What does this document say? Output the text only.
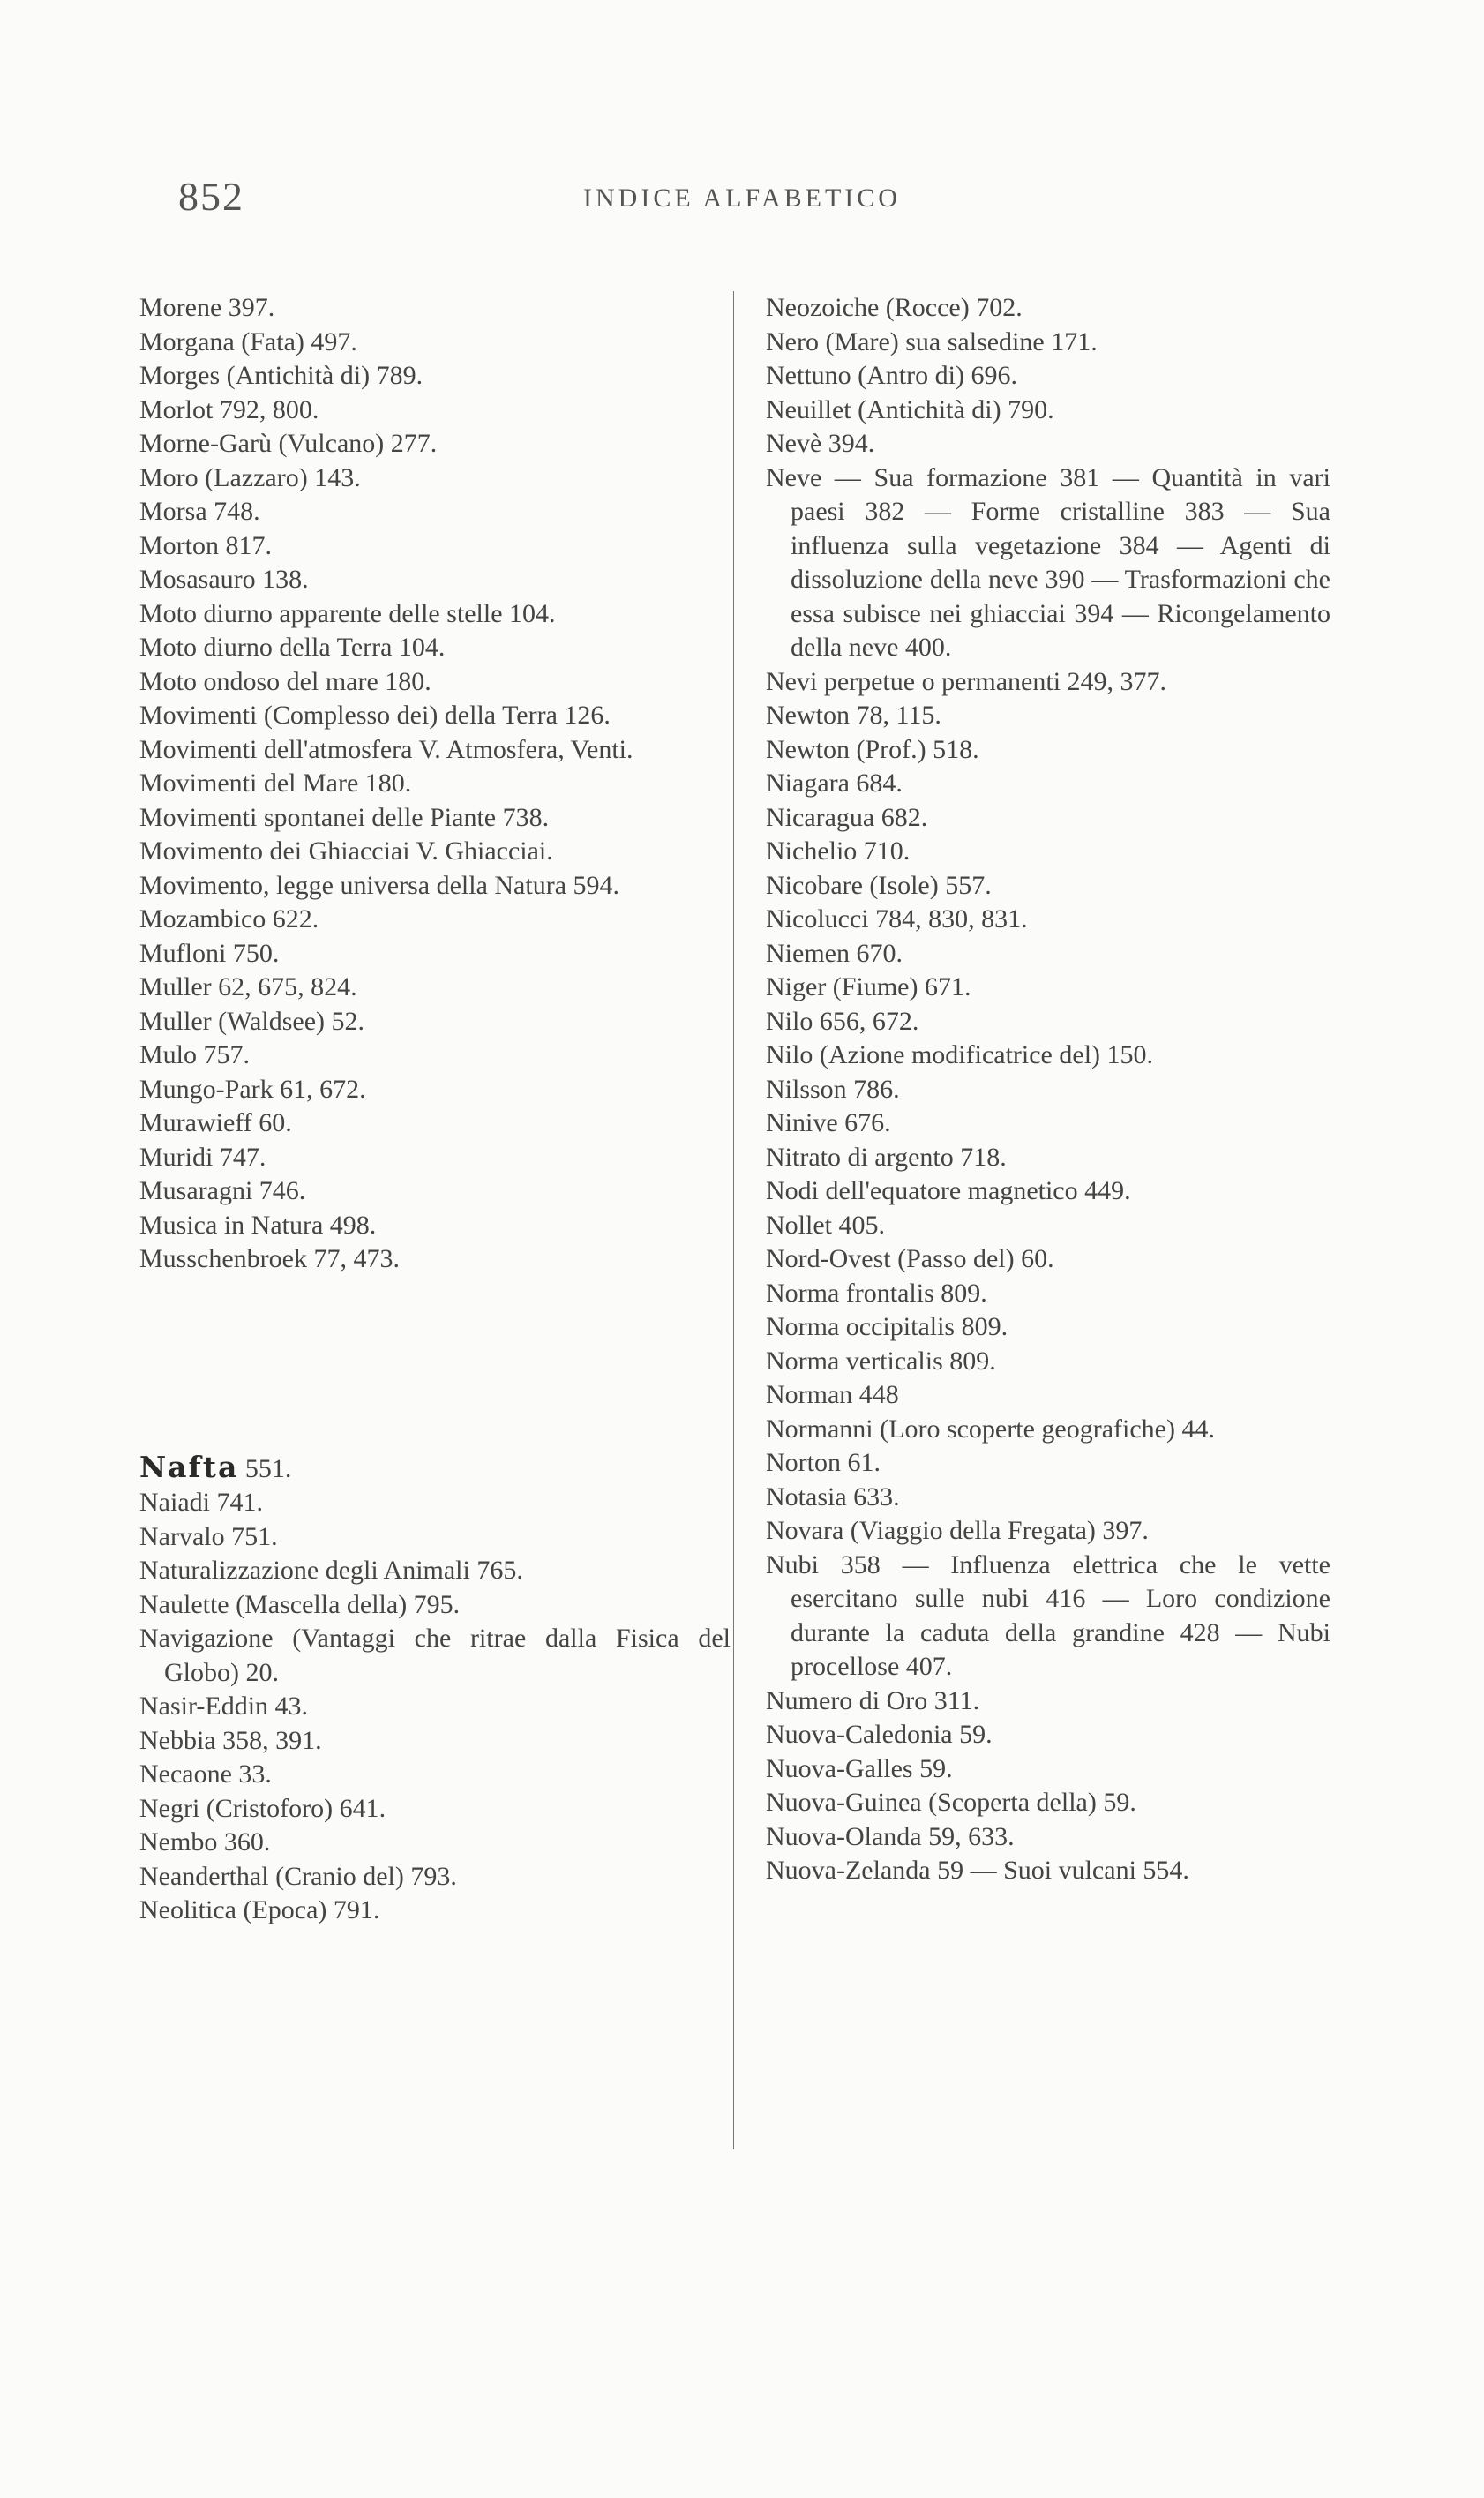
852	INDICE ALFABETICO
Morene 397.
Morgana (Fata) 497.
Morges (Antichità di) 789.
Morlot 792, 800.
Morne-Garù (Vulcano) 277.
Moro (Lazzaro) 143.
Morsa 748.
Morton 817.
Mosasauro 138.
Moto diurno apparente delle stelle 104.
Moto diurno della Terra 104.
Moto ondoso del mare 180.
Movimenti (Complesso dei) della Terra 126.
Movimenti dell'atmosfera V. Atmosfera, Venti.
Movimenti del Mare 180.
Movimenti spontanei delle Piante 738.
Movimento dei Ghiacciai V. Ghiacciai.
Movimento, legge universa della Natura 594.
Mozambico 622.
Mufloni 750.
Muller 62, 675, 824.
Muller (Waldsee) 52.
Mulo 757.
Mungo-Park 61, 672.
Murawieff 60.
Muridi 747.
Musaragni 746.
Musica in Natura 498.
Musschenbroek 77, 473.
Nafta 551.
Naiadi 741.
Narvalo 751.
Naturalizzazione degli Animali 765.
Naulette (Mascella della) 795.
Navigazione (Vantaggi che ritrae dalla Fisica del Globo) 20.
Nasir-Eddin 43.
Nebbia 358, 391.
Necaone 33.
Negri (Cristoforo) 641.
Nembo 360.
Neanderthal (Cranio del) 793.
Neolitica (Epoca) 791.
Neozoiche (Rocce) 702.
Nero (Mare) sua salsedine 171.
Nettuno (Antro di) 696.
Neuillet (Antichità di) 790.
Nevè 394.
Neve — Sua formazione 381 — Quantità in vari paesi 382 — Forme cristalline 383 — Sua influenza sulla vegetazione 384 — Agenti di dissoluzione della neve 390 — Trasformazioni che essa subisce nei ghiacciai 394 — Ricongelamento della neve 400.
Nevi perpetue o permanenti 249, 377.
Newton 78, 115.
Newton (Prof.) 518.
Niagara 684.
Nicaragua 682.
Nichelio 710.
Nicobare (Isole) 557.
Nicolucci 784, 830, 831.
Niemen 670.
Niger (Fiume) 671.
Nilo 656, 672.
Nilo (Azione modificatrice del) 150.
Nilsson 786.
Ninive 676.
Nitrato di argento 718.
Nodi dell'equatore magnetico 449.
Nollet 405.
Nord-Ovest (Passo del) 60.
Norma frontalis 809.
Norma occipitalis 809.
Norma verticalis 809.
Norman 448
Normanni (Loro scoperte geografiche) 44.
Norton 61.
Notasia 633.
Novara (Viaggio della Fregata) 397.
Nubi 358 — Influenza elettrica che le vette esercitano sulle nubi 416 — Loro condizione durante la caduta della grandine 428 — Nubi procellose 407.
Numero di Oro 311.
Nuova-Caledonia 59.
Nuova-Galles 59.
Nuova-Guinea (Scoperta della) 59.
Nuova-Olanda 59, 633.
Nuova-Zelanda 59 — Suoi vulcani 554.
